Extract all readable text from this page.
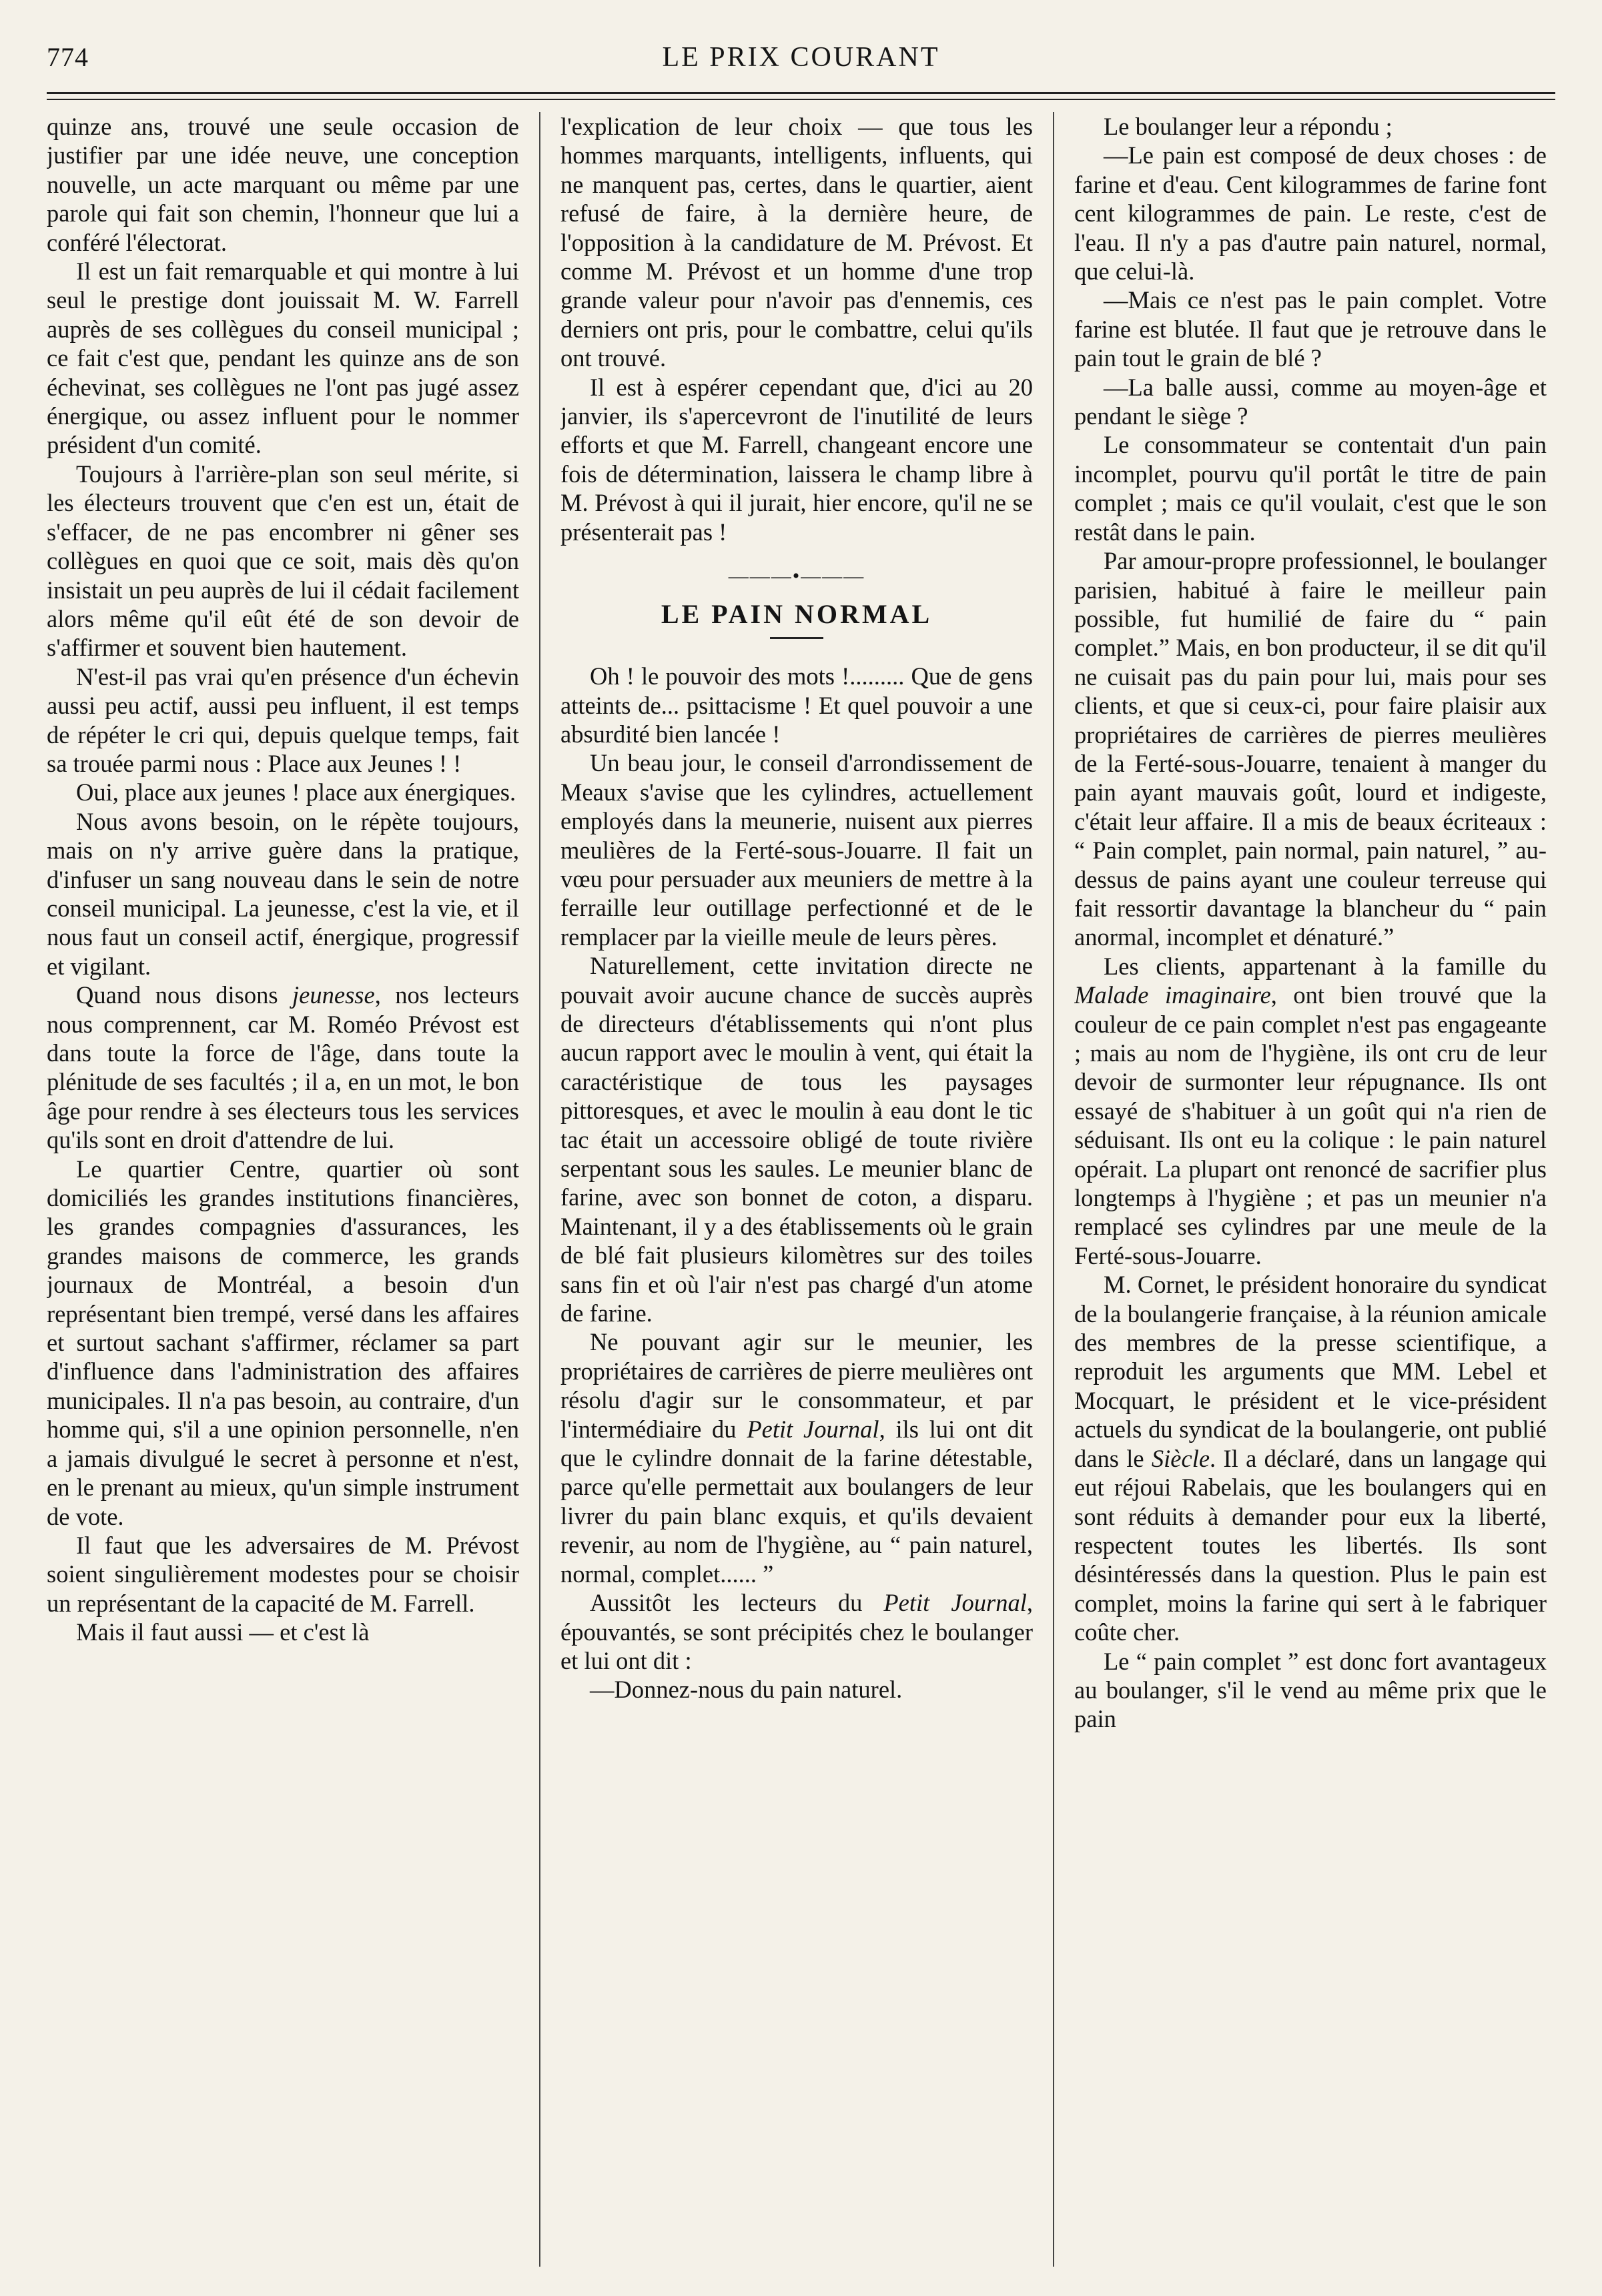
774	LE PRIX COURANT

quinze ans, trouvé une seule occasion de justifier par une idée neuve, une conception nouvelle, un acte marquant ou même par une parole qui fait son chemin, l'honneur que lui a conféré l'électorat.

Il est un fait remarquable et qui montre à lui seul le prestige dont jouissait M. W. Farrell auprès de ses collègues du conseil municipal ; ce fait c'est que, pendant les quinze ans de son échevinat, ses collègues ne l'ont pas jugé assez énergique, ou assez influent pour le nommer président d'un comité.

Toujours à l'arrière-plan son seul mérite, si les électeurs trouvent que c'en est un, était de s'effacer, de ne pas encombrer ni gêner ses collègues en quoi que ce soit, mais dès qu'on insistait un peu auprès de lui il cédait facilement alors même qu'il eût été de son devoir de s'affirmer et souvent bien hautement.

N'est-il pas vrai qu'en présence d'un échevin aussi peu actif, aussi peu influent, il est temps de répéter le cri qui, depuis quelque temps, fait sa trouée parmi nous : Place aux Jeunes ! !

Oui, place aux jeunes ! place aux énergiques.

Nous avons besoin, on le répète toujours, mais on n'y arrive guère dans la pratique, d'infuser un sang nouveau dans le sein de notre conseil municipal. La jeunesse, c'est la vie, et il nous faut un conseil actif, énergique, progressif et vigilant.

Quand nous disons jeunesse, nos lecteurs nous comprennent, car M. Roméo Prévost est dans toute la force de l'âge, dans toute la plénitude de ses facultés ; il a, en un mot, le bon âge pour rendre à ses électeurs tous les services qu'ils sont en droit d'attendre de lui.

Le quartier Centre, quartier où sont domiciliés les grandes institutions financières, les grandes compagnies d'assurances, les grandes maisons de commerce, les grands journaux de Montréal, a besoin d'un représentant bien trempé, versé dans les affaires et surtout sachant s'affirmer, réclamer sa part d'influence dans l'administration des affaires municipales. Il n'a pas besoin, au contraire, d'un homme qui, s'il a une opinion personnelle, n'en a jamais divulgué le secret à personne et n'est, en le prenant au mieux, qu'un simple instrument de vote.

Il faut que les adversaires de M. Prévost soient singulièrement modestes pour se choisir un représentant de la capacité de M. Farrell.

Mais il faut aussi — et c'est là

l'explication de leur choix — que tous les hommes marquants, intelligents, influents, qui ne manquent pas, certes, dans le quartier, aient refusé de faire, à la dernière heure, de l'opposition à la candidature de M. Prévost. Et comme M. Prévost et un homme d'une trop grande valeur pour n'avoir pas d'ennemis, ces derniers ont pris, pour le combattre, celui qu'ils ont trouvé.

Il est à espérer cependant que, d'ici au 20 janvier, ils s'apercevront de l'inutilité de leurs efforts et que M. Farrell, changeant encore une fois de détermination, laissera le champ libre à M. Prévost à qui il jurait, hier encore, qu'il ne se présenterait pas !

———•———
LE PAIN NORMAL

Oh ! le pouvoir des mots !......... Que de gens atteints de... psittacisme ! Et quel pouvoir a une absurdité bien lancée !

Un beau jour, le conseil d'arrondissement de Meaux s'avise que les cylindres, actuellement employés dans la meunerie, nuisent aux pierres meulières de la Ferté-sous-Jouarre. Il fait un vœu pour persuader aux meuniers de mettre à la ferraille leur outillage perfectionné et de le remplacer par la vieille meule de leurs pères.

Naturellement, cette invitation directe ne pouvait avoir aucune chance de succès auprès de directeurs d'établissements qui n'ont plus aucun rapport avec le moulin à vent, qui était la caractéristique de tous les paysages pittoresques, et avec le moulin à eau dont le tic tac était un accessoire obligé de toute rivière serpentant sous les saules. Le meunier blanc de farine, avec son bonnet de coton, a disparu. Maintenant, il y a des établissements où le grain de blé fait plusieurs kilomètres sur des toiles sans fin et où l'air n'est pas chargé d'un atome de farine.

Ne pouvant agir sur le meunier, les propriétaires de carrières de pierre meulières ont résolu d'agir sur le consommateur, et par l'intermédiaire du Petit Journal, ils lui ont dit que le cylindre donnait de la farine détestable, parce qu'elle permettait aux boulangers de leur livrer du pain blanc exquis, et qu'ils devaient revenir, au nom de l'hygiène, au “ pain naturel, normal, complet...... ”

Aussitôt les lecteurs du Petit Journal, épouvantés, se sont précipités chez le boulanger et lui ont dit :

—Donnez-nous du pain naturel.

Le boulanger leur a répondu ;

—Le pain est composé de deux choses : de farine et d'eau. Cent kilogrammes de farine font cent kilogrammes de pain. Le reste, c'est de l'eau. Il n'y a pas d'autre pain naturel, normal, que celui-là.

—Mais ce n'est pas le pain complet. Votre farine est blutée. Il faut que je retrouve dans le pain tout le grain de blé ?

—La balle aussi, comme au moyen-âge et pendant le siège ?

Le consommateur se contentait d'un pain incomplet, pourvu qu'il portât le titre de pain complet ; mais ce qu'il voulait, c'est que le son restât dans le pain.

Par amour-propre professionnel, le boulanger parisien, habitué à faire le meilleur pain possible, fut humilié de faire du “ pain complet.” Mais, en bon producteur, il se dit qu'il ne cuisait pas du pain pour lui, mais pour ses clients, et que si ceux-ci, pour faire plaisir aux propriétaires de carrières de pierres meulières de la Ferté-sous-Jouarre, tenaient à manger du pain ayant mauvais goût, lourd et indigeste, c'était leur affaire. Il a mis de beaux écriteaux : “ Pain complet, pain normal, pain naturel, ” au-dessus de pains ayant une couleur terreuse qui fait ressortir davantage la blancheur du “ pain anormal, incomplet et dénaturé.”

Les clients, appartenant à la famille du Malade imaginaire, ont bien trouvé que la couleur de ce pain complet n'est pas engageante ; mais au nom de l'hygiène, ils ont cru de leur devoir de surmonter leur répugnance. Ils ont essayé de s'habituer à un goût qui n'a rien de séduisant. Ils ont eu la colique : le pain naturel opérait. La plupart ont renoncé de sacrifier plus longtemps à l'hygiène ; et pas un meunier n'a remplacé ses cylindres par une meule de la Ferté-sous-Jouarre.

M. Cornet, le président honoraire du syndicat de la boulangerie française, à la réunion amicale des membres de la presse scientifique, a reproduit les arguments que MM. Lebel et Mocquart, le président et le vice-président actuels du syndicat de la boulangerie, ont publié dans le Siècle. Il a déclaré, dans un langage qui eut réjoui Rabelais, que les boulangers qui en sont réduits à demander pour eux la liberté, respectent toutes les libertés. Ils sont désintéressés dans la question. Plus le pain est complet, moins la farine qui sert à le fabriquer coûte cher.

Le “ pain complet ” est donc fort avantageux au boulanger, s'il le vend au même prix que le pain
